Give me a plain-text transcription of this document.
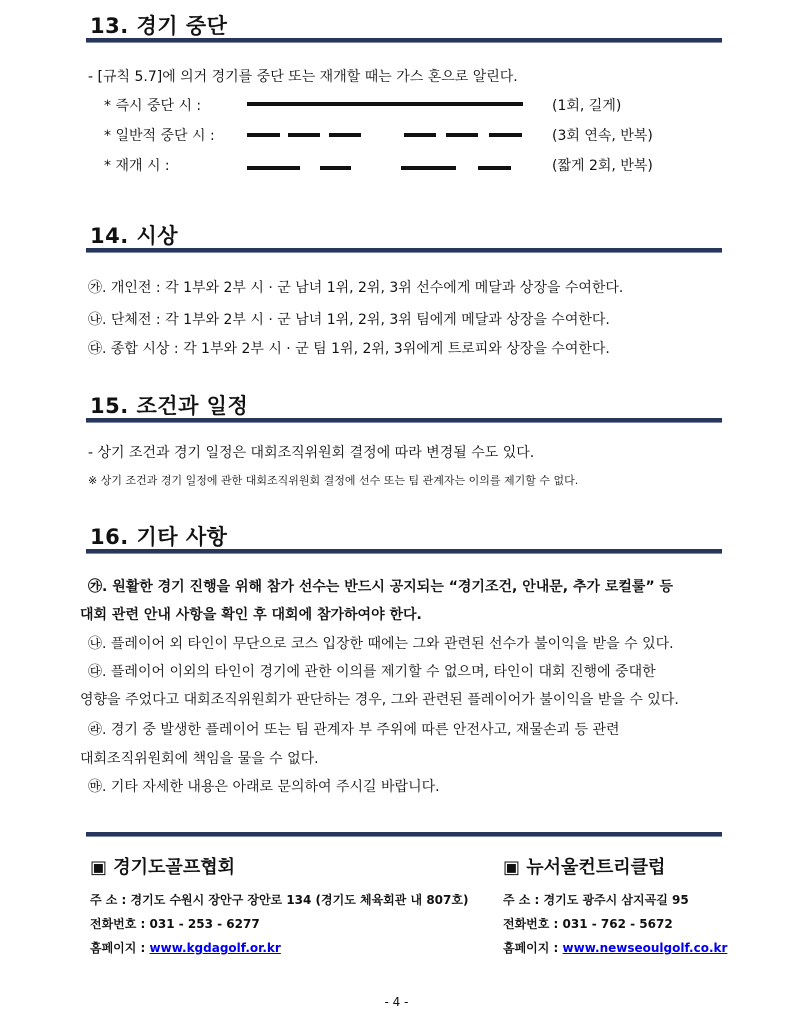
13. 경기 중단
- [규칙 5.7]에 의거 경기를 중단 또는 재개할 때는 가스 혼으로 알린다.
* 즉시 중단 시 :	(1회, 길게)
* 일반적 중단 시 :	(3회 연속, 반복)
* 재개 시 :	(짧게 2회, 반복)
14. 시상
㉮. 개인전 : 각 1부와 2부 시 · 군 남녀 1위, 2위, 3위 선수에게 메달과 상장을 수여한다.
㉯. 단체전 : 각 1부와 2부 시 · 군 남녀 1위, 2위, 3위 팀에게 메달과 상장을 수여한다.
㉰. 종합 시상 : 각 1부와 2부 시 · 군 팀 1위, 2위, 3위에게 트로피와 상장을 수여한다.
15. 조건과 일정
- 상기 조건과 경기 일정은 대회조직위원회 결정에 따라 변경될 수도 있다.
※ 상기 조건과 경기 일정에 관한 대회조직위원회 결정에 선수 또는 팀 관계자는 이의를 제기할 수 없다.
16. 기타 사항
㉮. 원활한 경기 진행을 위해 참가 선수는 반드시 공지되는 “경기조건, 안내문, 추가 로컬룰” 등
대회 관련 안내 사항을 확인 후 대회에 참가하여야 한다.
㉯. 플레이어 외 타인이 무단으로 코스 입장한 때에는 그와 관련된 선수가 불이익을 받을 수 있다.
㉰. 플레이어 이외의 타인이 경기에 관한 이의를 제기할 수 없으며, 타인이 대회 진행에 중대한
영향을 주었다고 대회조직위원회가 판단하는 경우, 그와 관련된 플레이어가 불이익을 받을 수 있다.
㉱. 경기 중 발생한 플레이어 또는 팀 관계자 부 주위에 따른 안전사고, 재물손괴 등 관련
대회조직위원회에 책임을 물을 수 없다.
㉲. 기타 자세한 내용은 아래로 문의하여 주시길 바랍니다.
▣ 경기도골프협회
주 소 : 경기도 수원시 장안구 장안로 134 (경기도 체육회관 내 807호)
전화번호 : 031 - 253 - 6277
홈페이지 : www.kgdagolf.or.kr
▣ 뉴서울컨트리클럽
주 소 : 경기도 광주시 삼지곡길 95
전화번호 : 031 - 762 - 5672
홈페이지 : www.newseoulgolf.co.kr
- 4 -
